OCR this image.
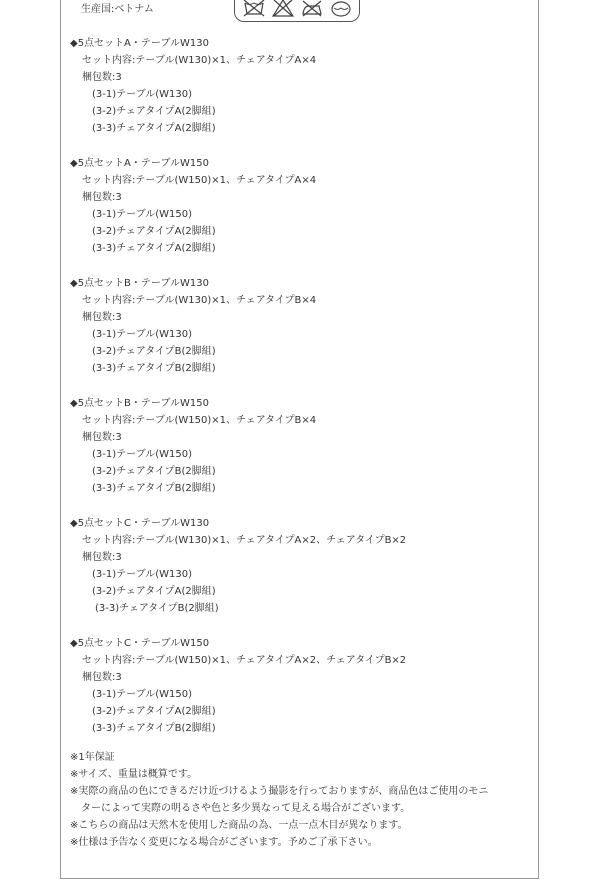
生産国:ベトナム
◆5点セットA・テーブルW130
セット内容:テーブル(W130)×1、チェアタイプA×4
梱包数:3
(3-1)テーブル(W130)
(3-2)チェアタイプA(2脚組)
(3-3)チェアタイプA(2脚組)
◆5点セットA・テーブルW150
セット内容:テーブル(W150)×1、チェアタイプA×4
梱包数:3
(3-1)テーブル(W150)
(3-2)チェアタイプA(2脚組)
(3-3)チェアタイプA(2脚組)
◆5点セットB・テーブルW130
セット内容:テーブル(W130)×1、チェアタイプB×4
梱包数:3
(3-1)テーブル(W130)
(3-2)チェアタイプB(2脚組)
(3-3)チェアタイプB(2脚組)
◆5点セットB・テーブルW150
セット内容:テーブル(W150)×1、チェアタイプB×4
梱包数:3
(3-1)テーブル(W150)
(3-2)チェアタイプB(2脚組)
(3-3)チェアタイプB(2脚組)
◆5点セットC・テーブルW130
セット内容:テーブル(W130)×1、チェアタイプA×2、チェアタイプB×2
梱包数:3
(3-1)テーブル(W130)
(3-2)チェアタイプA(2脚組)
(3-3)チェアタイプB(2脚組)
◆5点セットC・テーブルW150
セット内容:テーブル(W150)×1、チェアタイプA×2、チェアタイプB×2
梱包数:3
(3-1)テーブル(W150)
(3-2)チェアタイプA(2脚組)
(3-3)チェアタイプB(2脚組)
※1年保証
※サイズ、重量は概算です。
※実際の商品の色にできるだけ近づけるよう撮影を行っておりますが、商品色はご使用のモニ
ターによって実際の明るさや色と多少異なって見える場合がございます。
※こちらの商品は天然木を使用した商品の為、一点一点木目が異なります。
※仕様は予告なく変更になる場合がございます。予めご了承下さい。
